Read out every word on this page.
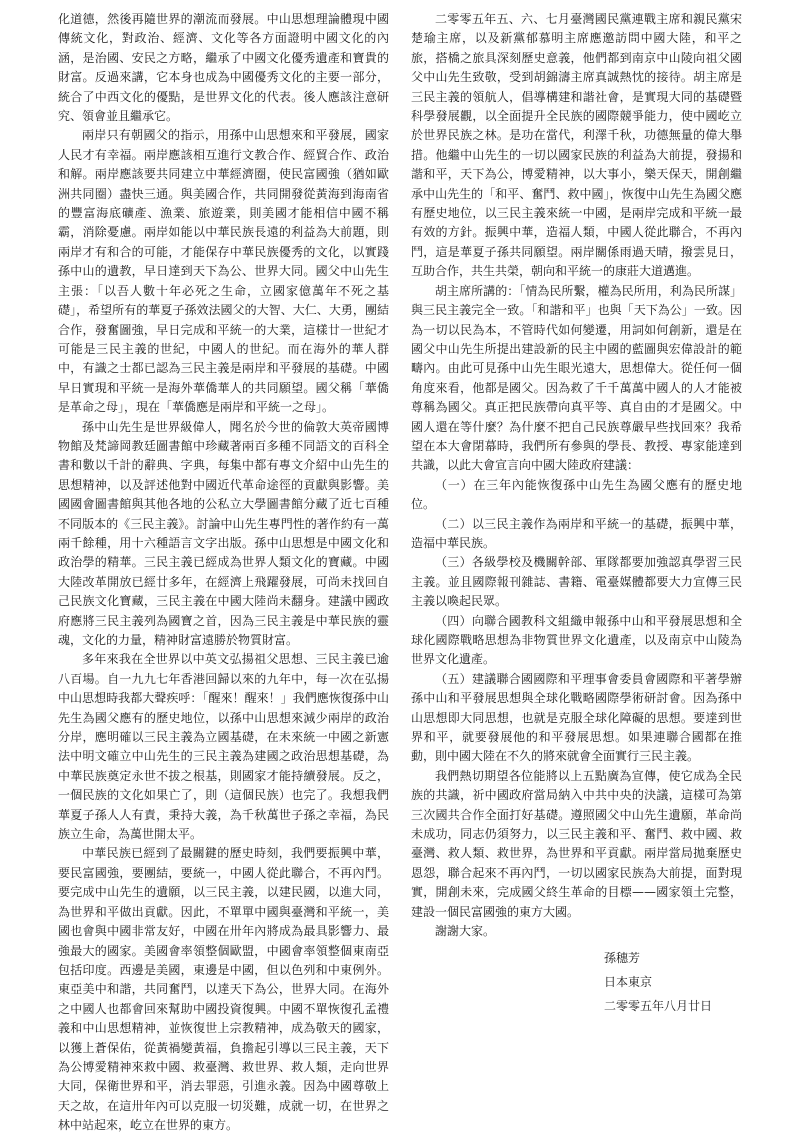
化道德，然後再隨世界的潮流而發展。中山思想理論體現中國傳統文化，對政治、經濟、文化等各方面證明中國文化的內涵，是治國、安民之方略，繼承了中國文化優秀遺產和寶貴的財富。反過來講，它本身也成為中國優秀文化的主要一部分，統合了中西文化的優點，是世界文化的代表。後人應該注意研究、領會並且繼承它。

兩岸只有朝國父的指示，用孫中山思想來和平發展，國家人民才有幸福。兩岸應該相互進行文教合作、經貿合作、政治和解。兩岸應該要共同建立中華經濟圈，使民富國強（猶如歐洲共同圈）盡快三通。與美國合作，共同開發從黃海到海南省的豐富海底礦產、漁業、旅遊業，則美國才能相信中國不稱霸，消除憂慮。兩岸如能以中華民族長遠的利益為大前題，則兩岸才有和合的可能，才能保存中華民族優秀的文化，以實踐孫中山的遺教，早日達到天下為公、世界大同。國父中山先生主張：「以吾人數十年必死之生命，立國家億萬年不死之基礎」，希望所有的華夏子孫效法國父的大智、大仁、大勇，團結合作，發奮圖強，早日完成和平統一的大業，這樣廿一世紀才可能是三民主義的世紀，中國人的世紀。而在海外的華人群中，有識之士都已認為三民主義是兩岸和平發展的基礎。中國早日實現和平統一是海外華僑華人的共同願望。國父稱「華僑是革命之母」，現在「華僑應是兩岸和平統一之母」。

孫中山先生是世界級偉人，聞名於今世的倫敦大英帝國博物館及梵諦岡教廷圖書館中珍藏著兩百多種不同語文的百科全書和數以千計的辭典、字典，每集中都有專文介紹中山先生的思想精神，以及評述他對中國近代革命途徑的貢獻與影響。美國國會圖書館與其他各地的公私立大學圖書館分藏了近七百種不同版本的《三民主義》。討論中山先生專門性的著作約有一萬兩千餘種，用十六種語言文字出版。孫中山思想是中國文化和政治學的精華。三民主義已經成為世界人類文化的寶藏。中國大陸改革開放已經廿多年，在經濟上飛躍發展，可尚未找回自己民族文化寶藏，三民主義在中國大陸尚未翻身。建議中國政府應將三民主義列為國寶之首，因為三民主義是中華民族的靈魂，文化的力量，精神財富遠勝於物質財富。

多年來我在全世界以中英文弘揚祖父思想、三民主義已逾八百場。自一九九七年香港回歸以來的九年中，每一次在弘揚中山思想時我都大聲疾呼：「醒來！醒來！」我們應恢復孫中山先生為國父應有的歷史地位，以孫中山思想來減少兩岸的政治分岸，應明確以三民主義為立國基礎，在未來統一中國之新憲法中明文確立中山先生的三民主義為建國之政治思想基礎，為中華民族奠定永世不拔之根基，則國家才能持續發展。反之，一個民族的文化如果亡了，則（這個民族）也完了。我想我們華夏子孫人人有責，秉持大義，為千秋萬世子孫之幸福，為民族立生命，為萬世開太平。

中華民族已經到了最關鍵的歷史時刻，我們要振興中華，要民富國強，要團結，要統一，中國人從此聯合，不再內鬥。要完成中山先生的遺願，以三民主義，以建民國，以進大同，為世界和平做出貢獻。因此，不單單中國與臺灣和平統一，美國也會與中國非常友好，中國在卅年內將成為最具影響力、最強最大的國家。美國會率領整個歐盟，中國會率領整個東南亞包括印度。西邊是美國，東邊是中國，但以色列和中東例外。東亞美中和諧，共同奮鬥，以達天下為公，世界大同。在海外之中國人也都會回來幫助中國投資復興。中國不單恢復孔孟禮義和中山思想精神，並恢復世上宗教精神，成為敬天的國家，以獲上蒼保佑，從黃禍變黃福，負擔起引導以三民主義，天下為公博愛精神來救中國、救臺灣、救世界、救人類，走向世界大同，保衛世界和平，消去罪惡，引進永義。因為中國尊敬上天之故，在這卅年內可以克服一切災難，成就一切，在世界之林中站起來，屹立在世界的東方。

二零零五年五、六、七月臺灣國民黨連戰主席和親民黨宋楚瑜主席，以及新黨郁慕明主席應邀訪問中國大陸，和平之旅，搭橋之旅具深刻歷史意義，他們都到南京中山陵向祖父國父中山先生致敬，受到胡錦濤主席真誠熱忱的接待。胡主席是三民主義的領航人，倡導構建和諧社會，是實現大同的基礎暨科學發展觀，以全面提升全民族的國際競爭能力，使中國屹立於世界民族之林。是功在當代，利澤千秋，功德無量的偉大舉措。他繼中山先生的一切以國家民族的利益為大前提，發揚和諧和平，天下為公，博愛精神，以大事小，樂天保天，開創繼承中山先生的「和平、奮鬥、救中國」，恢復中山先生為國父應有歷史地位，以三民主義來統一中國，是兩岸完成和平統一最有效的方針。振興中華，造福人類，中國人從此聯合，不再內鬥，這是華夏子孫共同願望。兩岸關係雨過天晴，撥雲見日，互助合作，共生共榮，朝向和平統一的康莊大道邁進。

胡主席所講的：「情為民所繫，權為民所用，利為民所謀」與三民主義完全一致。「和諧和平」也與「天下為公」一致。因為一切以民為本，不管時代如何變遷，用詞如何創新，還是在國父中山先生所提出建設新的民主中國的藍圖與宏偉設計的範疇內。由此可見孫中山先生眼光遠大，思想偉大。從任何一個角度來看，他都是國父。因為救了千千萬萬中國人的人才能被尊稱為國父。真正把民族帶向真平等、真自由的才是國父。中國人還在等什麼？為什麼不把自己民族尊嚴早些找回來？我希望在本大會閉幕時，我們所有參與的學長、教授、專家能達到共識，以此大會宣言向中國大陸政府建議：

（一）在三年內能恢復孫中山先生為國父應有的歷史地位。

（二）以三民主義作為兩岸和平統一的基礎，振興中華，造福中華民族。

（三）各級學校及機關幹部、軍隊都要加強認真學習三民主義。並且國際報刊雜誌、書籍、電臺媒體都要大力宣傳三民主義以喚起民眾。

（四）向聯合國教科文組織申報孫中山和平發展思想和全球化國際戰略思想為非物質世界文化遺產，以及南京中山陵為世界文化遺產。

（五）建議聯合國國際和平理事會委員會國際和平著學辦孫中山和平發展思想與全球化戰略國際學術研討會。因為孫中山思想即大同思想，也就是克服全球化障礙的思想。要達到世界和平，就要發展他的和平發展思想。如果連聯合國都在推動，則中國大陸在不久的將來就會全面實行三民主義。

我們熱切期望各位能將以上五點廣為宣傳，使它成為全民族的共識，祈中國政府當局納入中共中央的決議，這樣可為第三次國共合作全面打好基礎。遵照國父中山先生遺願，革命尚未成功，同志仍須努力，以三民主義和平、奮鬥、救中國、救臺灣、救人類、救世界，為世界和平貢獻。兩岸當局拋棄歷史恩怨，聯合起來不再內鬥，一切以國家民族為大前提，面對現實，開創未來，完成國父終生革命的目標——國家領土完整，建設一個民富國強的東方大國。

謝謝大家。

孫穗芳
日本東京
二零零五年八月廿日
